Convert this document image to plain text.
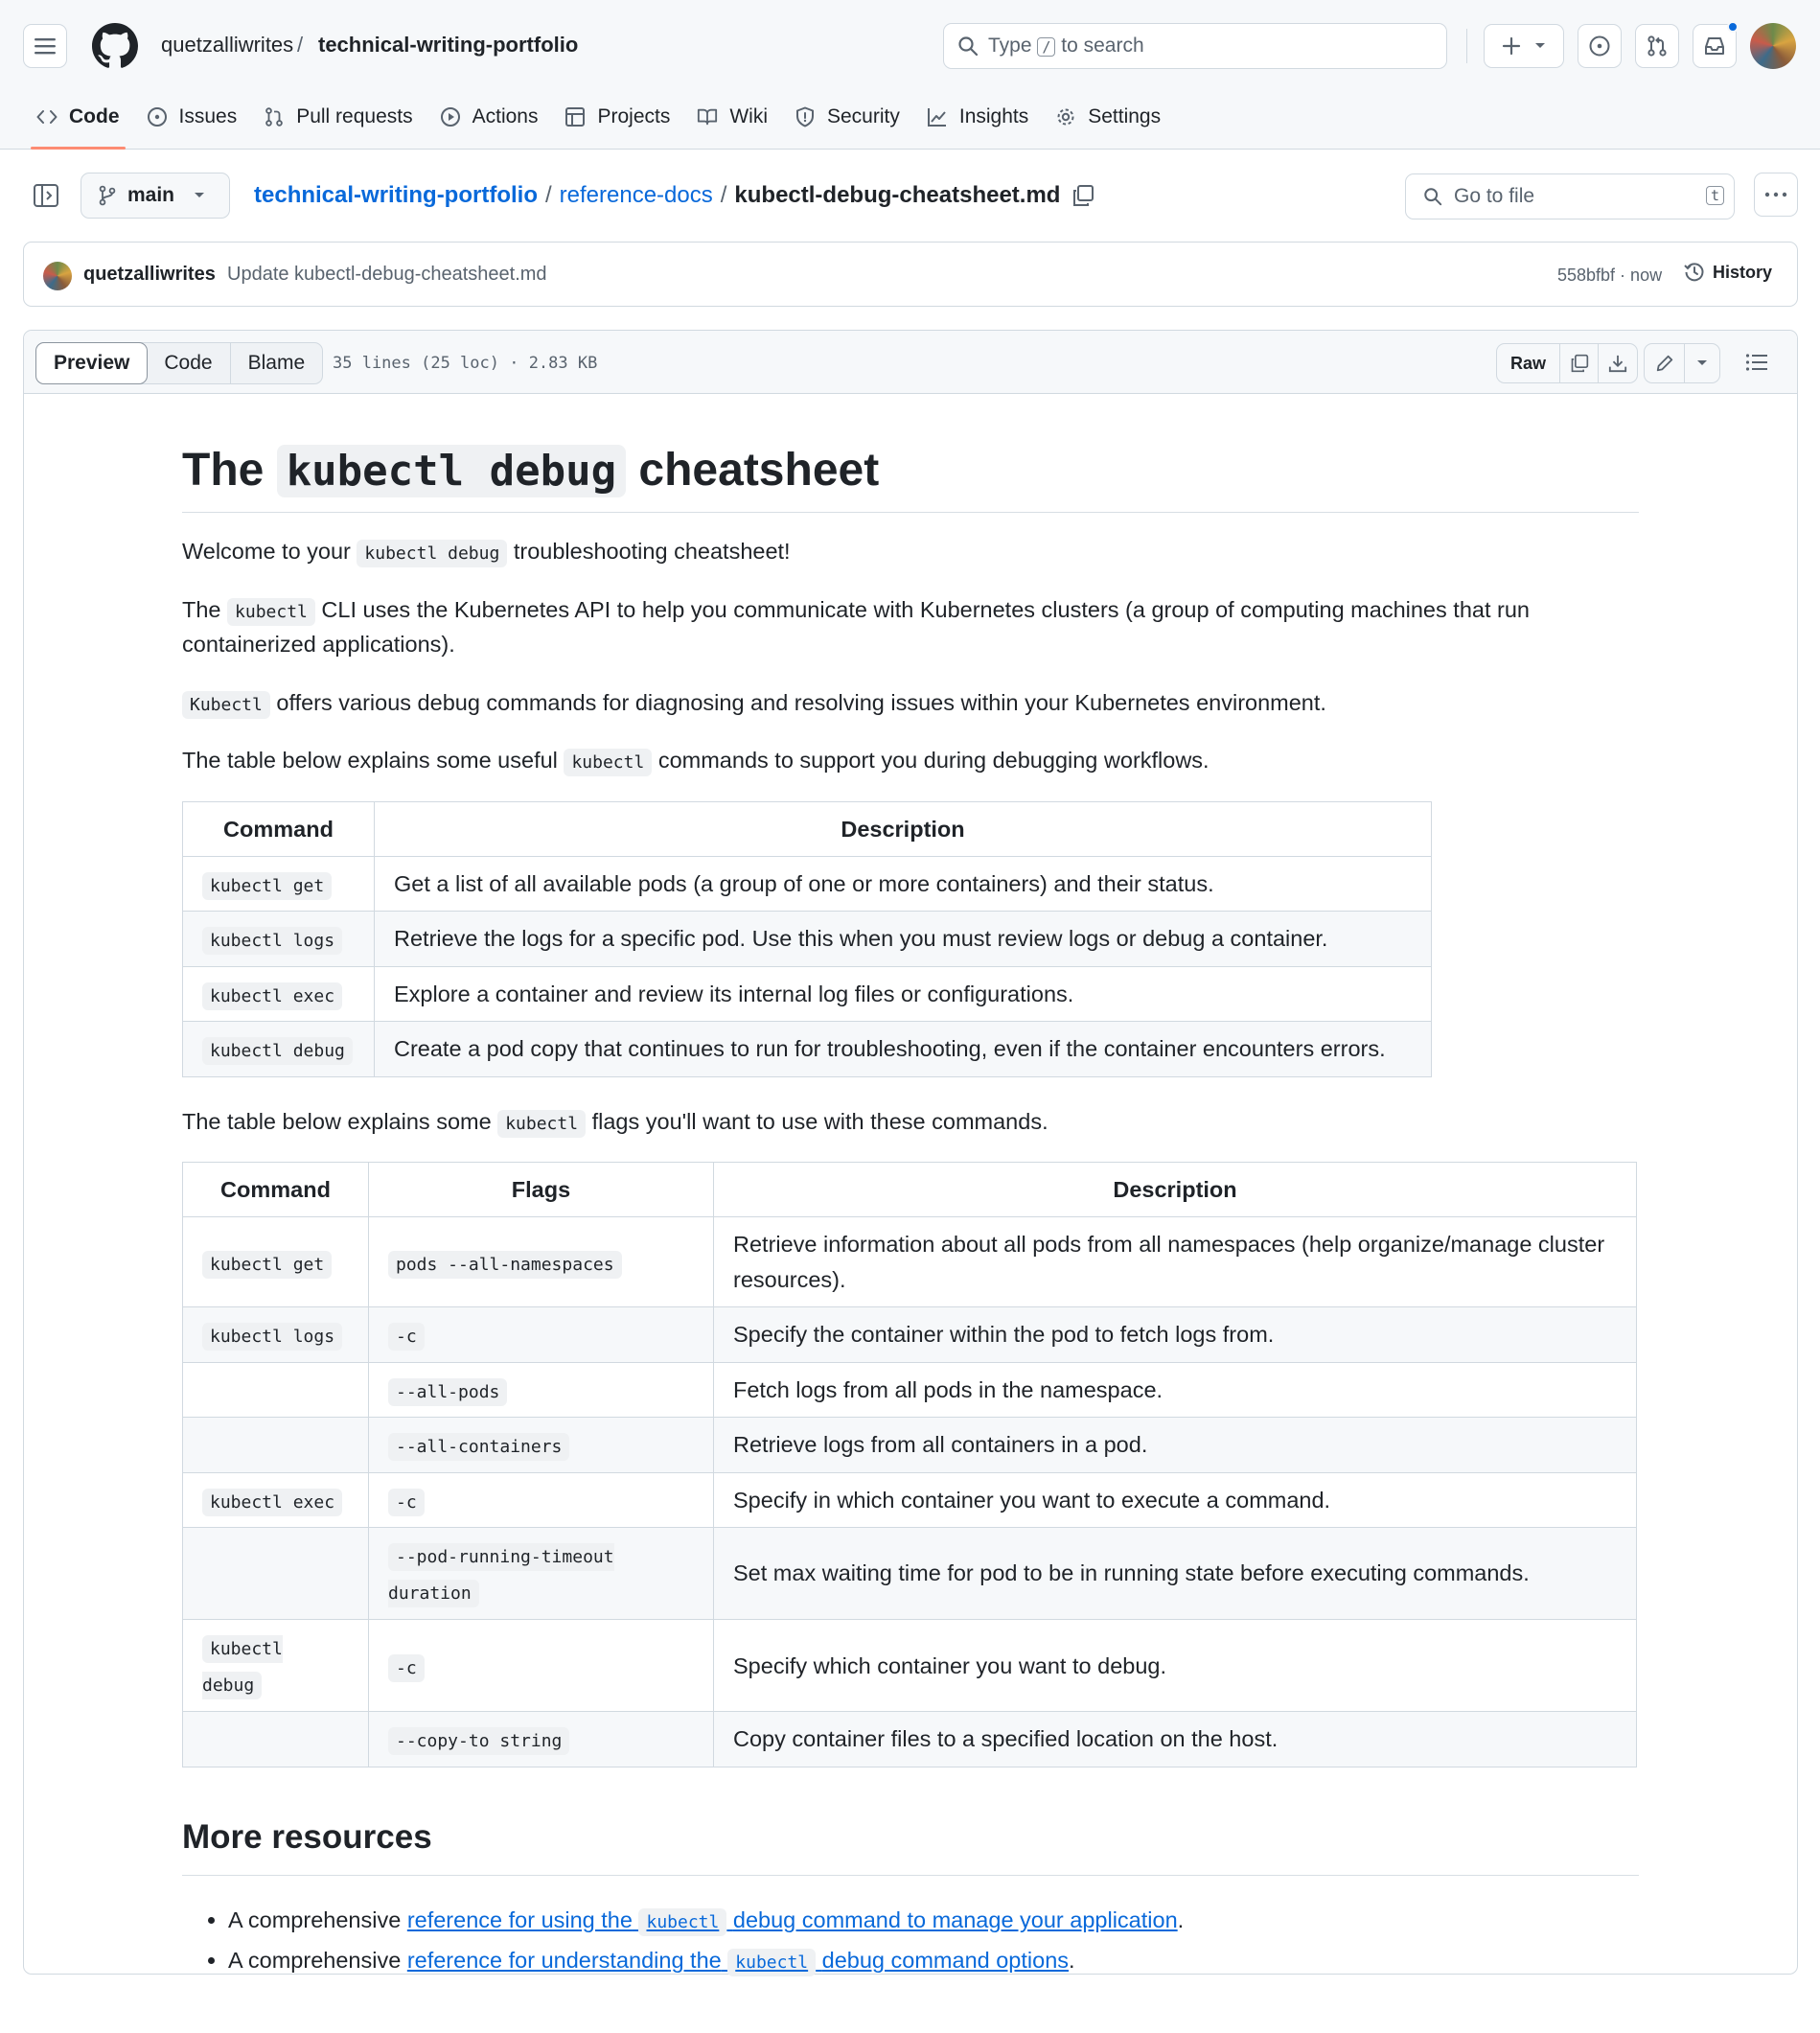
quetzalliwrites / technical-writing-portfolio	Type / to search
Code	Issues	Pull requests	Actions	Projects	Wiki	Security	Insights	Settings
main	technical-writing-portfolio / reference-docs / kubectl-debug-cheatsheet.md	Go to file	t
quetzalliwrites Update kubectl-debug-cheatsheet.md	558bfbf · now	History
Preview	Code	Blame	35 lines (25 loc) · 2.83 KB	Raw
The kubectl debug cheatsheet

Welcome to your kubectl debug troubleshooting cheatsheet!

The kubectl CLI uses the Kubernetes API to help you communicate with Kubernetes clusters (a group of computing machines that run containerized applications).

Kubectl offers various debug commands for diagnosing and resolving issues within your Kubernetes environment.

The table below explains some useful kubectl commands to support you during debugging workflows.

Command	Description
kubectl get	Get a list of all available pods (a group of one or more containers) and their status.
kubectl logs	Retrieve the logs for a specific pod. Use this when you must review logs or debug a container.
kubectl exec	Explore a container and review its internal log files or configurations.
kubectl debug	Create a pod copy that continues to run for troubleshooting, even if the container encounters errors.

The table below explains some kubectl flags you'll want to use with these commands.

Command	Flags	Description
kubectl get	pods --all-namespaces	Retrieve information about all pods from all namespaces (help organize/manage cluster resources).
kubectl logs	-c	Specify the container within the pod to fetch logs from.
	--all-pods	Fetch logs from all pods in the namespace.
	--all-containers	Retrieve logs from all containers in a pod.
kubectl exec	-c	Specify in which container you want to execute a command.
	--pod-running-timeout duration	Set max waiting time for pod to be in running state before executing commands.
kubectl debug	-c	Specify which container you want to debug.
	--copy-to string	Copy container files to a specified location on the host.
More resources
• A comprehensive reference for using the kubectl debug command to manage your application.
• A comprehensive reference for understanding the kubectl debug command options.
